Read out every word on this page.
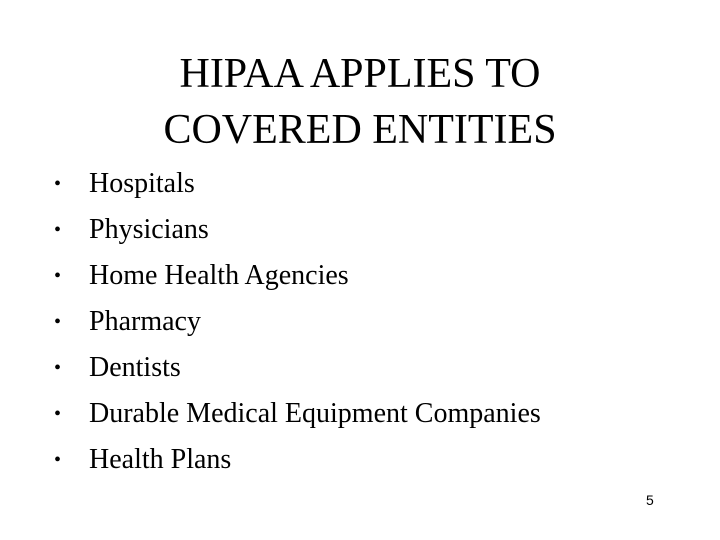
HIPAA APPLIES TO
COVERED ENTITIES
• Hospitals
• Physicians
• Home Health Agencies
• Pharmacy
• Dentists
• Durable Medical Equipment Companies
• Health Plans
5
